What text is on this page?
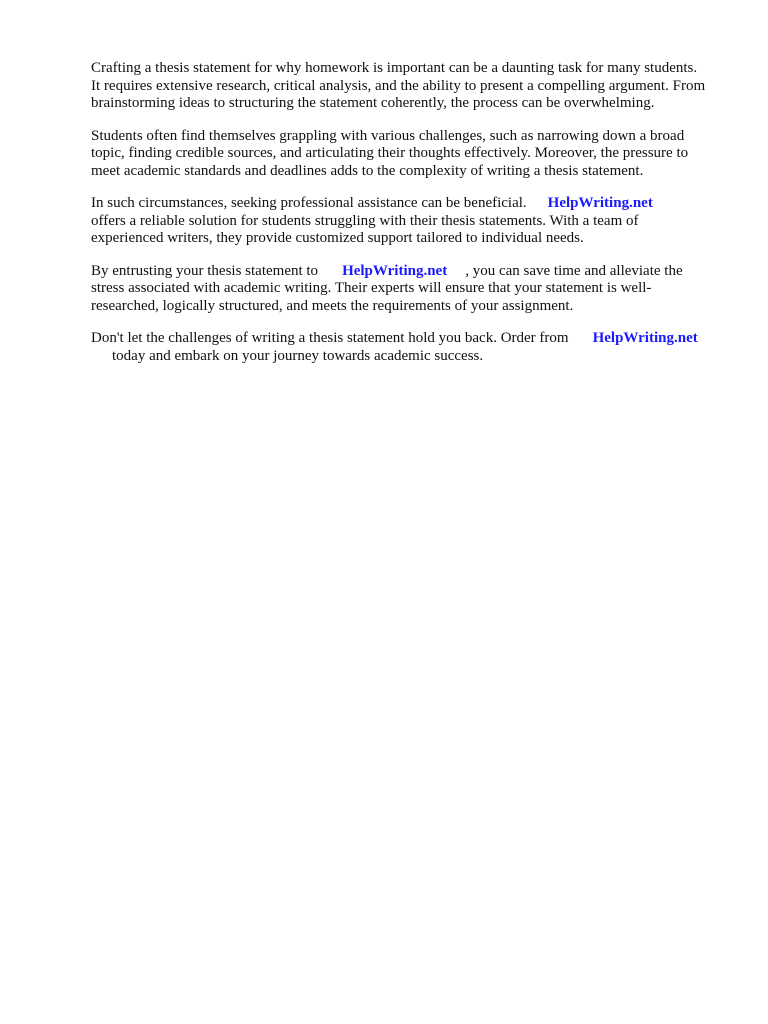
Crafting a thesis statement for why homework is important can be a daunting task for many students.
It requires extensive research, critical analysis, and the ability to present a compelling argument. From
brainstorming ideas to structuring the statement coherently, the process can be overwhelming.
Students often find themselves grappling with various challenges, such as narrowing down a broad
topic, finding credible sources, and articulating their thoughts effectively. Moreover, the pressure to
meet academic standards and deadlines adds to the complexity of writing a thesis statement.
In such circumstances, seeking professional assistance can be beneficial. HelpWriting.net
offers a reliable solution for students struggling with their thesis statements. With a team of
experienced writers, they provide customized support tailored to individual needs.
By entrusting your thesis statement to HelpWriting.net , you can save time and alleviate the
stress associated with academic writing. Their experts will ensure that your statement is well-
researched, logically structured, and meets the requirements of your assignment.
Don't let the challenges of writing a thesis statement hold you back. Order from HelpWriting.net
today and embark on your journey towards academic success.
